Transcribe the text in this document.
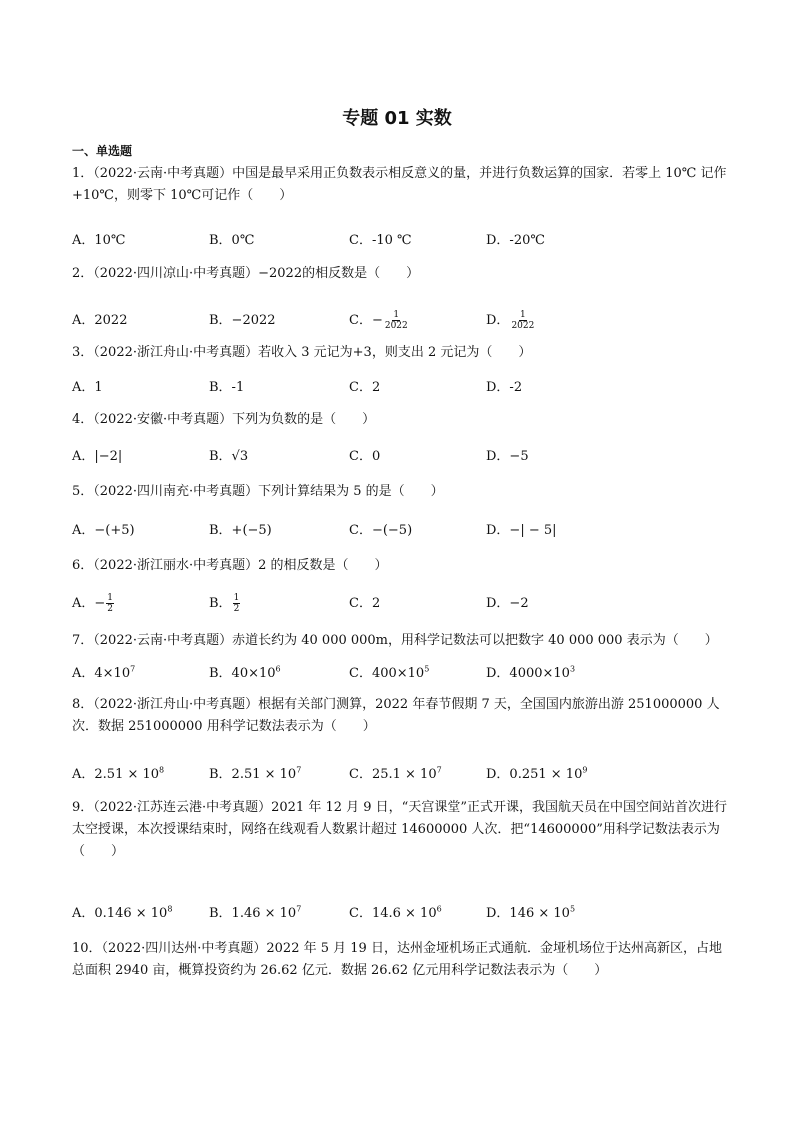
专题 01 实数
一、单选题
1．（2022·云南·中考真题）中国是最早采用正负数表示相反意义的量，并进行负数运算的国家．若零上 10℃ 记作+10℃，则零下 10℃可记作（　　）
A．10℃	B．0℃	C．-10 ℃	D．-20℃
2．（2022·四川凉山·中考真题）−2022的相反数是（　　）
A．2022	B．−2022	C．− $\frac{1}{2022}$	D． $\frac{1}{2022}$
3．（2022·浙江舟山·中考真题）若收入 3 元记为+3，则支出 2 元记为（　　）
A．1	B．-1	C．2	D．-2
4．（2022·安徽·中考真题）下列为负数的是（　　）
A．|−2|	B．√3	C．0	D．−5
5．（2022·四川南充·中考真题）下列计算结果为 5 的是（　　）
A．−(+5)	B．+(−5)	C．−(−5)	D．−| − 5|
6．（2022·浙江丽水·中考真题）2 的相反数是（　　）
A．− $\frac{1}{2}$	B． $\frac{1}{2}$	C．2	D．−2
7．（2022·云南·中考真题）赤道长约为 40 000 000m，用科学记数法可以把数字 40 000 000 表示为（　　）
A．$4\times 10^7$	B．$40\times 10^6$	C．$400\times 10^5$	D．$4000\times 10^3$
8．（2022·浙江舟山·中考真题）根据有关部门测算，2022 年春节假期 7 天，全国国内旅游出游 251000000 人次．数据 251000000 用科学记数法表示为（　　）
A．$2.51 \times 10^8$	B．$2.51 \times 10^7$	C．$25.1 \times 10^7$	D．$0.251 \times 10^9$
9．（2022·江苏连云港·中考真题）2021 年 12 月 9 日，“天宫课堂”正式开课，我国航天员在中国空间站首次进行太空授课，本次授课结束时，网络在线观看人数累计超过 14600000 人次．把“14600000”用科学记数法表示为（　　）
A．$0.146 \times 10^8$	B．$1.46 \times 10^7$	C．$14.6 \times 10^6$	D．$146 \times 10^5$
10．（2022·四川达州·中考真题）2022 年 5 月 19 日，达州金垭机场正式通航．金垭机场位于达州高新区，占地总面积 2940 亩，概算投资约为 26.62 亿元．数据 26.62 亿元用科学记数法表示为（　　）
